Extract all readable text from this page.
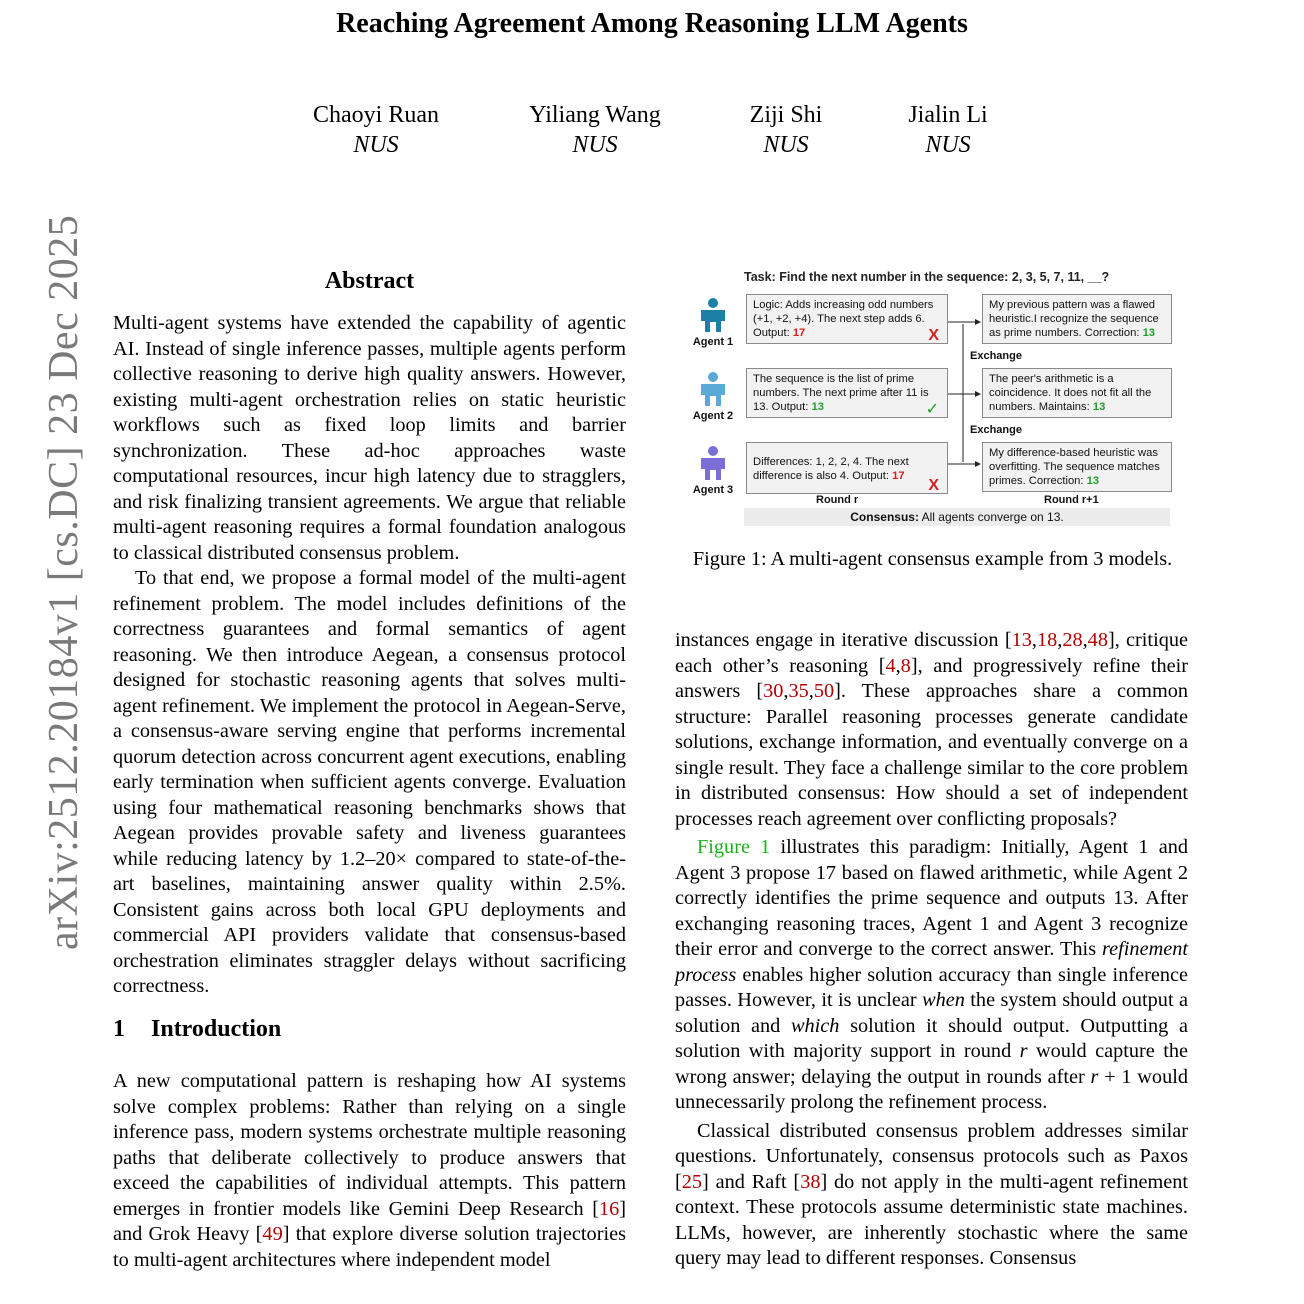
Reaching Agreement Among Reasoning LLM Agents
Chaoyi Ruan
NUS
Yiliang Wang
NUS
Ziji Shi
NUS
Jialin Li
NUS
arXiv:2512.20184v1 [cs.DC] 23 Dec 2025	Abstract

Multi-agent systems have extended the capability of agentic AI. Instead of single inference passes, multiple agents perform collective reasoning to derive high quality answers. However, existing multi-agent orchestration relies on static heuristic workflows such as fixed loop limits and barrier synchronization. These ad-hoc approaches waste computational resources, incur high latency due to stragglers, and risk finalizing transient agreements. We argue that reliable multi-agent reasoning requires a formal foundation analogous to classical distributed consensus problem.

To that end, we propose a formal model of the multi-agent refinement problem. The model includes definitions of the correctness guarantees and formal semantics of agent reasoning. We then introduce Aegean, a consensus protocol designed for stochastic reasoning agents that solves multi-agent refinement. We implement the protocol in Aegean-Serve, a consensus-aware serving engine that performs incremental quorum detection across concurrent agent executions, enabling early termination when sufficient agents converge. Evaluation using four mathematical reasoning benchmarks shows that Aegean provides provable safety and liveness guarantees while reducing latency by 1.2–20× compared to state-of-the-art baselines, maintaining answer quality within 2.5%. Consistent gains across both local GPU deployments and commercial API providers validate that consensus-based orchestration eliminates straggler delays without sacrificing correctness.

1 Introduction

A new computational pattern is reshaping how AI systems solve complex problems: Rather than relying on a single inference pass, modern systems orchestrate multiple reasoning paths that deliberate collectively to produce answers that exceed the capabilities of individual attempts. This pattern emerges in frontier models like Gemini Deep Research [16] and Grok Heavy [49] that explore diverse solution trajectories to multi-agent architectures where independent model

instances engage in iterative discussion [13,18,28,48], critique each other’s reasoning [4,8], and progressively refine their answers [30,35,50]. These approaches share a common structure: Parallel reasoning processes generate candidate solutions, exchange information, and eventually converge on a single result. They face a challenge similar to the core problem in distributed consensus: How should a set of independent processes reach agreement over conflicting proposals?

Figure 1 illustrates this paradigm: Initially, Agent 1 and Agent 3 propose 17 based on flawed arithmetic, while Agent 2 correctly identifies the prime sequence and outputs 13. After exchanging reasoning traces, Agent 1 and Agent 3 recognize their error and converge to the correct answer. This refinement process enables higher solution accuracy than single inference passes. However, it is unclear when the system should output a solution and which solution it should output. Outputting a solution with majority support in round r would capture the wrong answer; delaying the output in rounds after r + 1 would unnecessarily prolong the refinement process.

Classical distributed consensus problem addresses similar questions. Unfortunately, consensus protocols such as Paxos [25] and Raft [38] do not apply in the multi-agent refinement context. These protocols assume deterministic state machines. LLMs, however, are inherently stochastic where the same query may lead to different responses. Consensus

Task: Find the next number in the sequence: 2, 3, 5, 7, 11, __?
Agent 1
Agent 2
Agent 3
Logic: Adds increasing odd numbers (+1, +2, +4). The next step adds 6. Output: 17	X
The sequence is the list of prime numbers. The next prime after 11 is 13. Output: 13	✓
Differences: 1, 2, 2, 4. The next difference is also 4. Output: 17
X
My previous pattern was a flawed heuristic.I recognize the sequence as prime numbers. Correction: 13
The peer's arithmetic is a coincidence. It does not fit all the numbers. Maintains: 13
My difference-based heuristic was overfitting. The sequence matches primes. Correction: 13
Exchange
Exchange
Round r	Round r+1
Consensus: All agents converge on 13.
Figure 1: A multi-agent consensus example from 3 models.
